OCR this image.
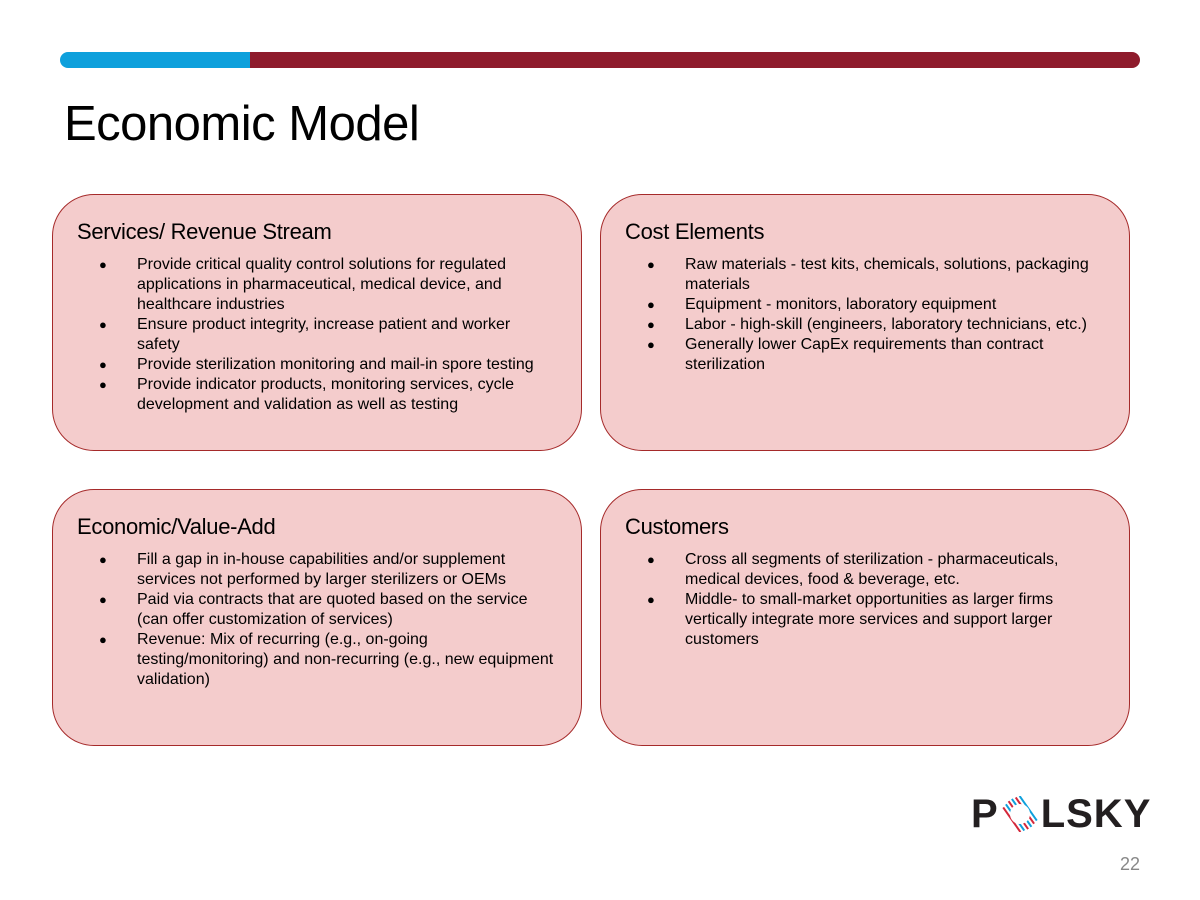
Economic Model
Services/ Revenue Stream
● Provide critical quality control solutions for regulated applications in pharmaceutical, medical device, and healthcare industries
● Ensure product integrity, increase patient and worker safety
● Provide sterilization monitoring and mail-in spore testing
● Provide indicator products, monitoring services, cycle development and validation as well as testing
Cost Elements
● Raw materials - test kits, chemicals, solutions, packaging materials
● Equipment - monitors, laboratory equipment
● Labor - high-skill (engineers, laboratory technicians, etc.)
● Generally lower CapEx requirements than contract sterilization
Economic/Value-Add
● Fill a gap in in-house capabilities and/or supplement services not performed by larger sterilizers or OEMs
● Paid via contracts that are quoted based on the service (can offer customization of services)
● Revenue: Mix of recurring (e.g., on-going testing/monitoring) and non-recurring (e.g., new equipment validation)
Customers
● Cross all segments of sterilization - pharmaceuticals, medical devices, food & beverage, etc.
● Middle- to small-market opportunities as larger firms vertically integrate more services and support larger customers
P LSKY
22
